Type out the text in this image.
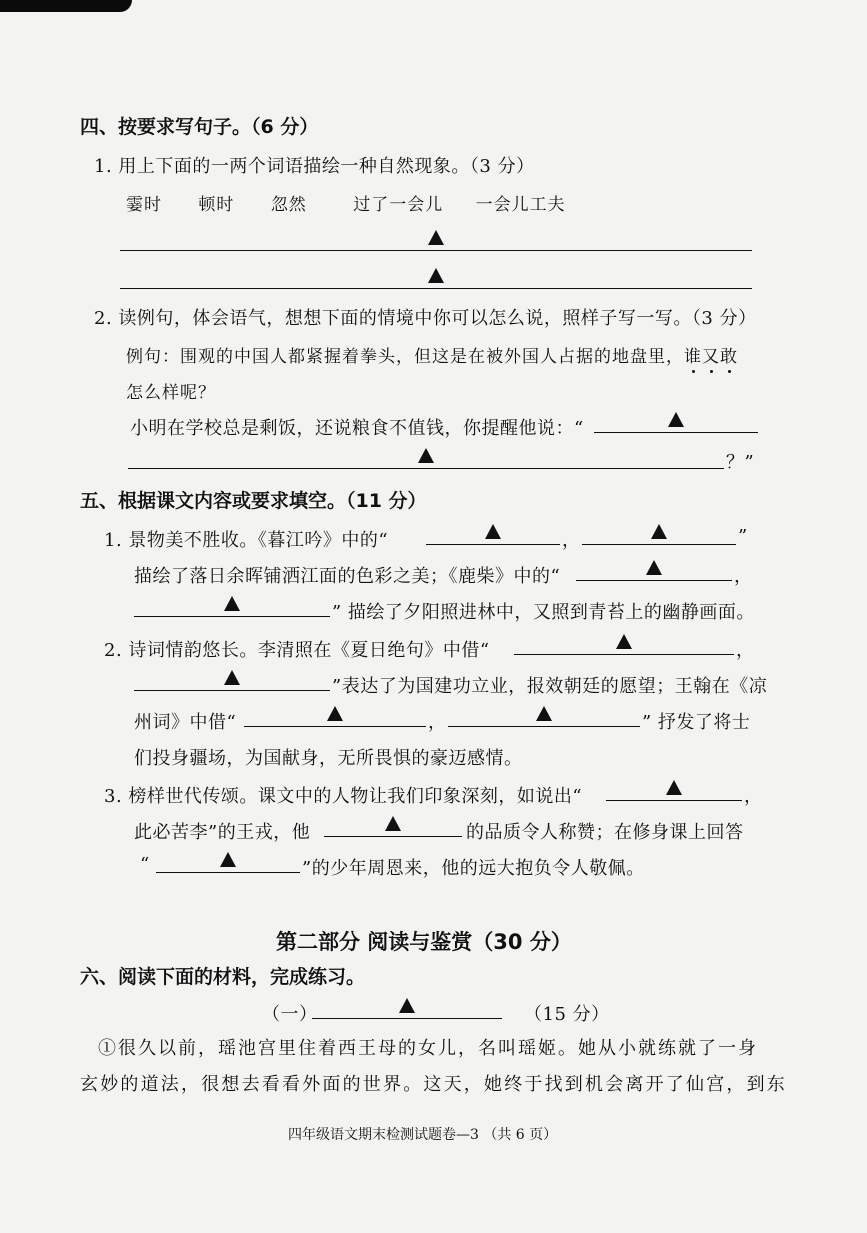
四、按要求写句子。（6 分）
1. 用上下面的一两个词语描绘一种自然现象。（3 分）
霎时 顿时 忽然	过了一会儿 一会儿工夫
2. 读例句，体会语气，想想下面的情境中你可以怎么说，照样子写一写。（3 分）
例句：围观的中国人都紧握着拳头，但这是在被外国人占据的地盘里，谁又敢
怎么样呢？
小明在学校总是剩饭，还说粮食不值钱，你提醒他说：“
？”
五、根据课文内容或要求填空。（11 分）
1. 景物美不胜收。《暮江吟》中的“	，	”
描绘了落日余晖铺洒江面的色彩之美；《鹿柴》中的“	，
” 描绘了夕阳照进林中，又照到青苔上的幽静画面。
2. 诗词情韵悠长。李清照在《夏日绝句》中借“	，
”表达了为国建功立业，报效朝廷的愿望；王翰在《凉
州词》中借“	，	” 抒发了将士
们投身疆场，为国献身，无所畏惧的豪迈感情。
3. 榜样世代传颂。课文中的人物让我们印象深刻，如说出“	，
此必苦李”的王戎，他	的品质令人称赞；在修身课上回答
“	”的少年周恩来，他的远大抱负令人敬佩。
第二部分 阅读与鉴赏（30 分）
六、阅读下面的材料，完成练习。
（一）	（15 分）
①很久以前，瑶池宫里住着西王母的女儿，名叫瑶姬。她从小就练就了一身
玄妙的道法，很想去看看外面的世界。这天，她终于找到机会离开了仙宫，到东
四年级语文期末检测试题卷—3 （共 6 页）
